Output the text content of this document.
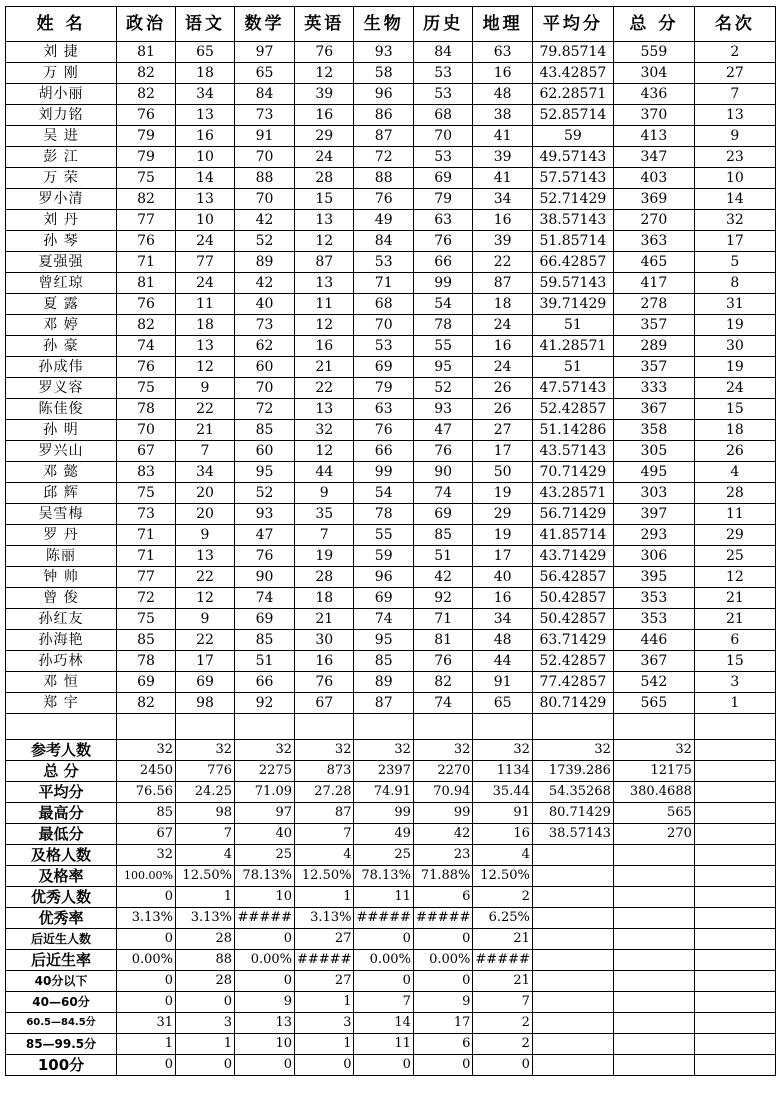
姓 名	政治	语文	数学	英语	生物	历史	地理	平均分	总 分	名次
刘 捷	81	65	97	76	93	84	63	79.85714	559	2
万 刚	82	18	65	12	58	53	16	43.42857	304	27
胡小丽	82	34	84	39	96	53	48	62.28571	436	7
刘力铭	76	13	73	16	86	68	38	52.85714	370	13
吴 进	79	16	91	29	87	70	41	59	413	9
彭 江	79	10	70	24	72	53	39	49.57143	347	23
万 荣	75	14	88	28	88	69	41	57.57143	403	10
罗小清	82	13	70	15	76	79	34	52.71429	369	14
刘 丹	77	10	42	13	49	63	16	38.57143	270	32
孙 琴	76	24	52	12	84	76	39	51.85714	363	17
夏强强	71	77	89	87	53	66	22	66.42857	465	5
曾红琼	81	24	42	13	71	99	87	59.57143	417	8
夏 露	76	11	40	11	68	54	18	39.71429	278	31
邓 婷	82	18	73	12	70	78	24	51	357	19
孙 豪	74	13	62	16	53	55	16	41.28571	289	30
孙成伟	76	12	60	21	69	95	24	51	357	19
罗义容	75	9	70	22	79	52	26	47.57143	333	24
陈佳俊	78	22	72	13	63	93	26	52.42857	367	15
孙 明	70	21	85	32	76	47	27	51.14286	358	18
罗兴山	67	7	60	12	66	76	17	43.57143	305	26
邓 懿	83	34	95	44	99	90	50	70.71429	495	4
邱 辉	75	20	52	9	54	74	19	43.28571	303	28
吴雪梅	73	20	93	35	78	69	29	56.71429	397	11
罗 丹	71	9	47	7	55	85	19	41.85714	293	29
陈丽	71	13	76	19	59	51	17	43.71429	306	25
钟 帅	77	22	90	28	96	42	40	56.42857	395	12
曾 俊	72	12	74	18	69	92	16	50.42857	353	21
孙红友	75	9	69	21	74	71	34	50.42857	353	21
孙海艳	85	22	85	30	95	81	48	63.71429	446	6
孙巧林	78	17	51	16	85	76	44	52.42857	367	15
邓 恒	69	69	66	76	89	82	91	77.42857	542	3
郑 宇	82	98	92	67	87	74	65	80.71429	565	1

参考人数	32	32	32	32	32	32	32	32	32	
总 分	2450	776	2275	873	2397	2270	1134	1739.286	12175	
平均分	76.56	24.25	71.09	27.28	74.91	70.94	35.44	54.35268	380.4688	
最高分	85	98	97	87	99	99	91	80.71429	565	
最低分	67	7	40	7	49	42	16	38.57143	270	
及格人数	32	4	25	4	25	23	4			
及格率	100.00%	12.50%	78.13%	12.50%	78.13%	71.88%	12.50%			
优秀人数	0	1	10	1	11	6	2			
优秀率	3.13%	3.13%	#####	3.13%	#####	#####	6.25%			
后近生人数	0	28	0	27	0	0	21			
后近生率	0.00%	88	0.00%	#####	0.00%	0.00%	#####			
40分以下	0	28	0	27	0	0	21			
40—60分	0	0	9	1	7	9	7			
60.5—84.5分	31	3	13	3	14	17	2			
85—99.5分	1	1	10	1	11	6	2			
100分	0	0	0	0	0	0	0			
